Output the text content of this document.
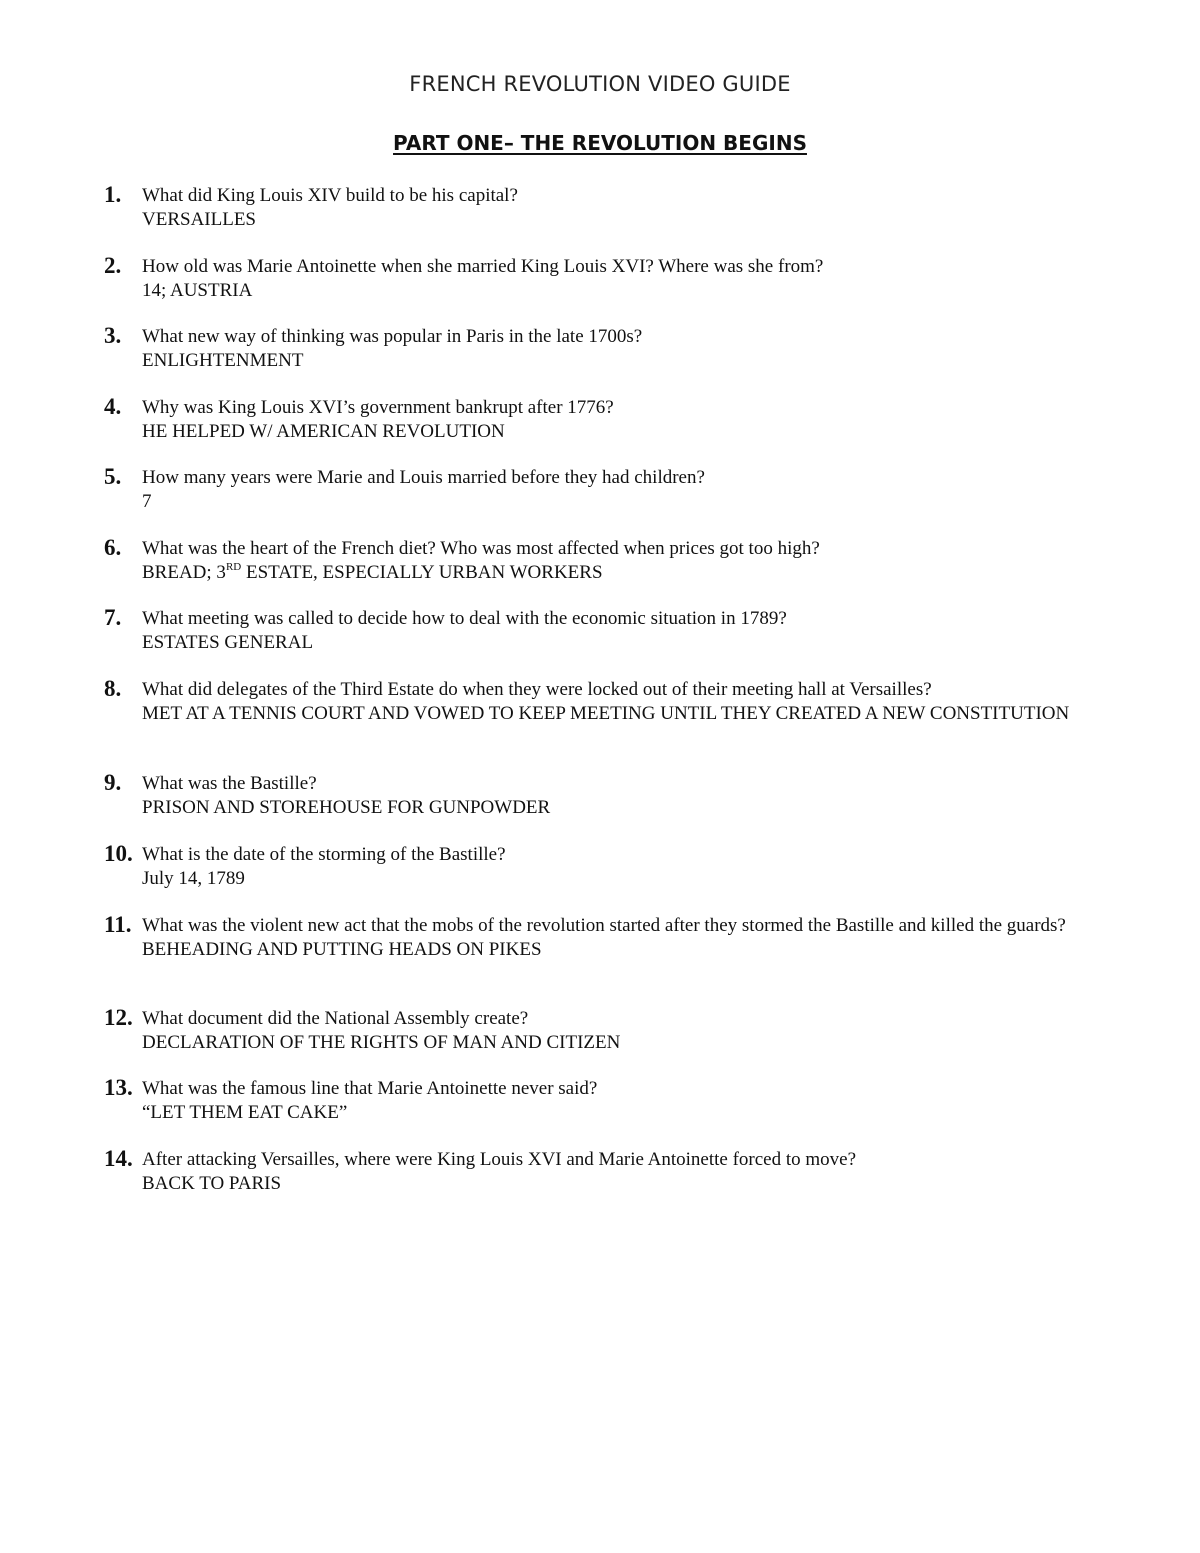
FRENCH REVOLUTION VIDEO GUIDE
PART ONE– THE REVOLUTION BEGINS
1. What did King Louis XIV build to be his capital?
VERSAILLES
2. How old was Marie Antoinette when she married King Louis XVI? Where was she from?
14; AUSTRIA
3. What new way of thinking was popular in Paris in the late 1700s?
ENLIGHTENMENT
4. Why was King Louis XVI’s government bankrupt after 1776?
HE HELPED W/ AMERICAN REVOLUTION
5. How many years were Marie and Louis married before they had children?
7
6. What was the heart of the French diet? Who was most affected when prices got too high?
BREAD; 3RD ESTATE, ESPECIALLY URBAN WORKERS
7. What meeting was called to decide how to deal with the economic situation in 1789?
ESTATES GENERAL
8. What did delegates of the Third Estate do when they were locked out of their meeting hall at Versailles?
MET AT A TENNIS COURT AND VOWED TO KEEP MEETING UNTIL THEY CREATED A NEW CONSTITUTION
9. What was the Bastille?
PRISON AND STOREHOUSE FOR GUNPOWDER
10. What is the date of the storming of the Bastille?
July 14, 1789
11. What was the violent new act that the mobs of the revolution started after they stormed the Bastille and killed the guards?
BEHEADING AND PUTTING HEADS ON PIKES
12. What document did the National Assembly create?
DECLARATION OF THE RIGHTS OF MAN AND CITIZEN
13. What was the famous line that Marie Antoinette never said?
“LET THEM EAT CAKE”
14. After attacking Versailles, where were King Louis XVI and Marie Antoinette forced to move?
BACK TO PARIS
